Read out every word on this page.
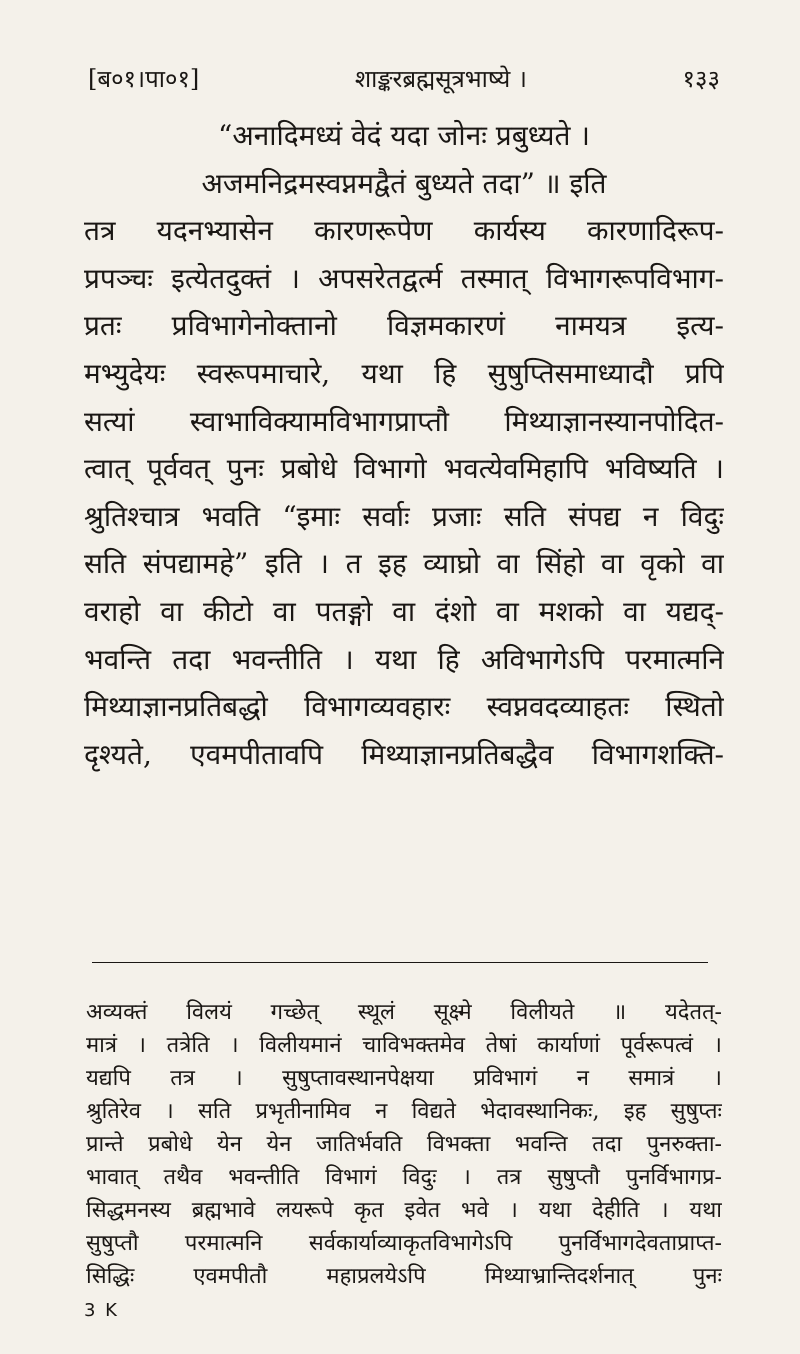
[ब०१।पा०१]	शाङ्करब्रह्मसूत्रभाष्ये ।	१३३
“अनादिमध्यं वेदं यदा जोनः प्रबुध्यते ।
अजमनिद्रमस्वप्नमद्वैतं बुध्यते तदा” ॥ इति
तत्र यदनभ्यासेन कारणरूपेण कार्यस्य कारणादिरूप-
प्रपञ्चः इत्येतदुक्तं । अपसरेतद्वर्त्म तस्मात् विभागरूपविभाग-
प्रतः प्रविभागेनोक्तानो विज्ञमकारणं नामयत्र इत्य-
मभ्युदेयः स्वरूपमाचारे, यथा हि सुषुप्तिसमाध्यादौ प्रपि
सत्यां स्वाभाविक्यामविभागप्राप्तौ मिथ्याज्ञानस्यानपोदित-
त्वात् पूर्ववत् पुनः प्रबोधे विभागो भवत्येवमिहापि भविष्यति ।
श्रुतिश्चात्र भवति “इमाः सर्वाः प्रजाः सति संपद्य न विदुः
सति संपद्यामहे” इति । त इह व्याघ्रो वा सिंहो वा वृको वा
वराहो वा कीटो वा पतङ्गो वा दंशो वा मशको वा यद्यद्-
भवन्ति तदा भवन्तीति । यथा हि अविभागेऽपि परमात्मनि
मिथ्याज्ञानप्रतिबद्धो विभागव्यवहारः स्वप्नवदव्याहतः स्थितो
दृश्यते, एवमपीतावपि मिथ्याज्ञानप्रतिबद्धैव विभागशक्ति-
अव्यक्तं विलयं गच्छेत् स्थूलं सूक्ष्मे विलीयते ॥ यदेतत्-
मात्रं । तत्रेति । विलीयमानं चाविभक्तमेव तेषां कार्याणां पूर्वरूपत्वं ।
यद्यपि तत्र । सुषुप्तावस्थानपेक्षया प्रविभागं न समात्रं ।
श्रुतिरेव । सति प्रभृतीनामिव न विद्यते भेदावस्थानिकः, इह सुषुप्तः
प्रान्ते प्रबोधे येन येन जातिर्भवति विभक्ता भवन्ति तदा पुनरुक्ता-
भावात् तथैव भवन्तीति विभागं विदुः । तत्र सुषुप्तौ पुनर्विभागप्र-
सिद्धमनस्य ब्रह्मभावे लयरूपे कृत इवेत भवे । यथा देहीति । यथा
सुषुप्तौ परमात्मनि सर्वकार्याव्याकृतविभागेऽपि पुनर्विभागदेवताप्राप्त-
सिद्धिः एवमपीतौ महाप्रलयेऽपि मिथ्याभ्रान्तिदर्शनात् पुनः
3 K
